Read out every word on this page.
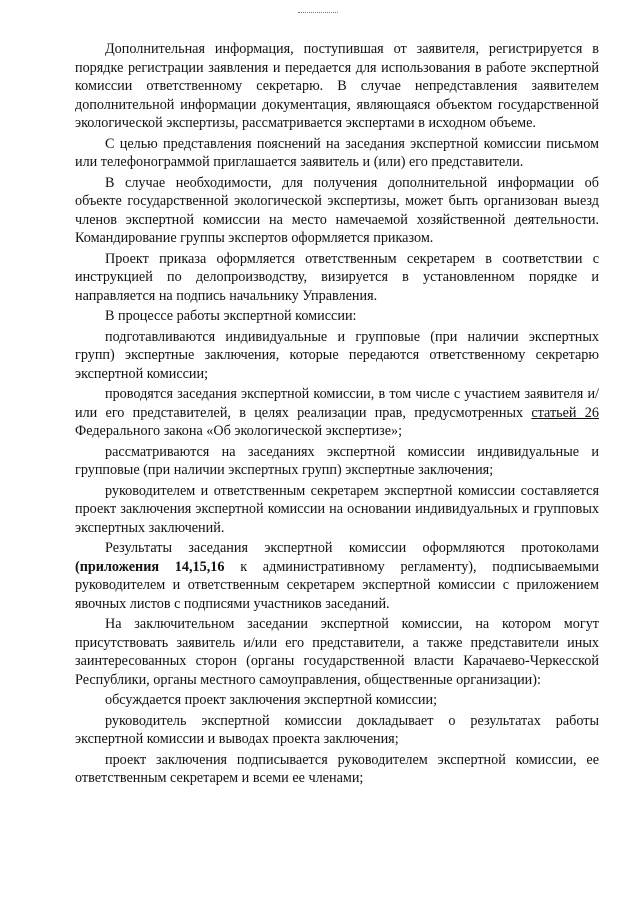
Дополнительная информация, поступившая от заявителя, регистрируется в порядке регистрации заявления и передается для использования в работе экспертной комиссии ответственному секретарю. В случае непредставления заявителем дополнительной информации документация, являющаяся объектом государственной экологической экспертизы, рассматривается экспертами в исходном объеме.

С целью представления пояснений на заседания экспертной комиссии письмом или телефонограммой приглашается заявитель и (или) его представители.

В случае необходимости, для получения дополнительной информации об объекте государственной экологической экспертизы, может быть организован выезд членов экспертной комиссии на место намечаемой хозяйственной деятельности. Командирование группы экспертов оформляется приказом.

Проект приказа оформляется ответственным секретарем в соответствии с инструкцией по делопроизводству, визируется в установленном порядке и направляется на подпись начальнику Управления.

В процессе работы экспертной комиссии:

подготавливаются индивидуальные и групповые (при наличии экспертных групп) экспертные заключения, которые передаются ответственному секретарю экспертной комиссии;

проводятся заседания экспертной комиссии, в том числе с участием заявителя и/или его представителей, в целях реализации прав, предусмотренных статьей 26 Федерального закона «Об экологической экспертизе»;

рассматриваются на заседаниях экспертной комиссии индивидуальные и групповые (при наличии экспертных групп) экспертные заключения;

руководителем и ответственным секретарем экспертной комиссии составляется проект заключения экспертной комиссии на основании индивидуальных и групповых экспертных заключений.

Результаты заседания экспертной комиссии оформляются протоколами (приложения 14,15,16 к административному регламенту), подписываемыми руководителем и ответственным секретарем экспертной комиссии с приложением явочных листов с подписями участников заседаний.

На заключительном заседании экспертной комиссии, на котором могут присутствовать заявитель и/или его представители, а также представители иных заинтересованных сторон (органы государственной власти Карачаево-Черкесской Республики, органы местного самоуправления, общественные организации):

обсуждается проект заключения экспертной комиссии;

руководитель экспертной комиссии докладывает о результатах работы экспертной комиссии и выводах проекта заключения;

проект заключения подписывается руководителем экспертной комиссии, ее ответственным секретарем и всеми ее членами;
